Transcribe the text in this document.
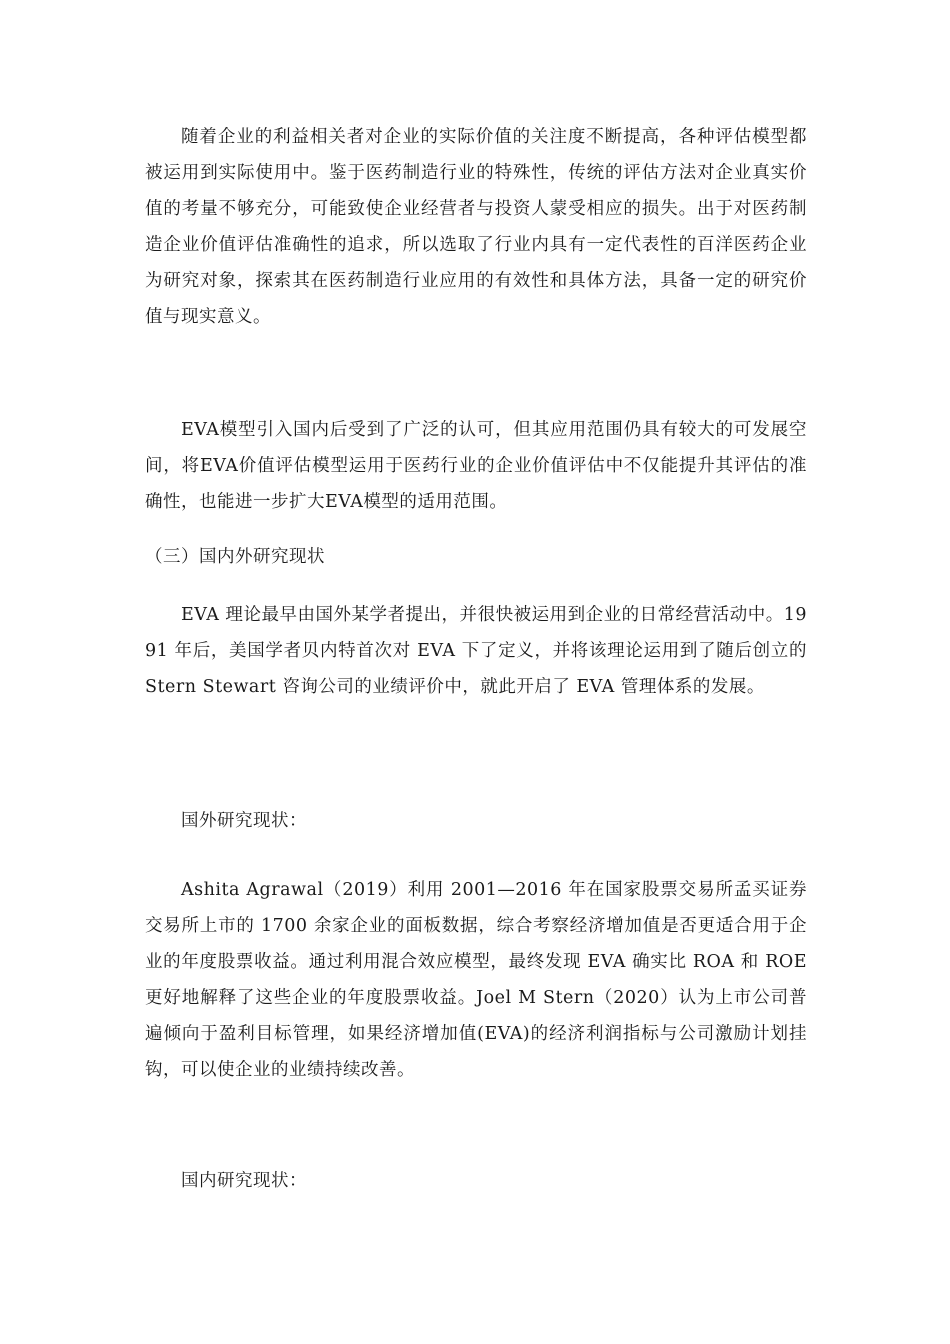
随着企业的利益相关者对企业的实际价值的关注度不断提高，各种评估模型都被运用到实际使用中。鉴于医药制造行业的特殊性，传统的评估方法对企业真实价值的考量不够充分，可能致使企业经营者与投资人蒙受相应的损失。出于对医药制造企业价值评估准确性的追求，所以选取了行业内具有一定代表性的百洋医药企业为研究对象，探索其在医药制造行业应用的有效性和具体方法，具备一定的研究价值与现实意义。

EVA模型引入国内后受到了广泛的认可，但其应用范围仍具有较大的可发展空间，将EVA价值评估模型运用于医药行业的企业价值评估中不仅能提升其评估的准确性，也能进一步扩大EVA模型的适用范围。

（三）国内外研究现状

EVA 理论最早由国外某学者提出，并很快被运用到企业的日常经营活动中。1991 年后，美国学者贝内特首次对 EVA 下了定义，并将该理论运用到了随后创立的Stern Stewart 咨询公司的业绩评价中，就此开启了 EVA 管理体系的发展。

国外研究现状：

Ashita Agrawal（2019）利用 2001—2016 年在国家股票交易所孟买证券交易所上市的 1700 余家企业的面板数据，综合考察经济增加值是否更适合用于企业的年度股票收益。通过利用混合效应模型，最终发现 EVA 确实比 ROA 和 ROE 更好地解释了这些企业的年度股票收益。Joel M Stern（2020）认为上市公司普遍倾向于盈利目标管理，如果经济增加值(EVA)的经济利润指标与公司激励计划挂钩，可以使企业的业绩持续改善。

国内研究现状：
